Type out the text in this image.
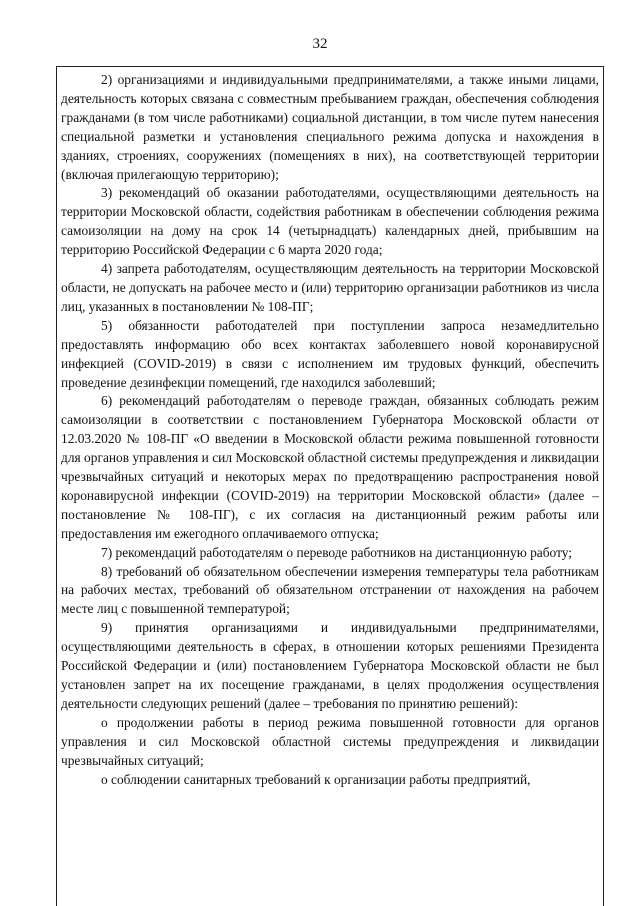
32

2) организациями и индивидуальными предпринимателями, а также иными лицами, деятельность которых связана с совместным пребыванием граждан, обеспечения соблюдения гражданами (в том числе работниками) социальной дистанции, в том числе путем нанесения специальной разметки и установления специального режима допуска и нахождения в зданиях, строениях, сооружениях (помещениях в них), на соответствующей территории (включая прилегающую территорию);

3) рекомендаций об оказании работодателями, осуществляющими деятельность на территории Московской области, содействия работникам в обеспечении соблюдения режима самоизоляции на дому на срок 14 (четырнадцать) календарных дней, прибывшим на территорию Российской Федерации с 6 марта 2020 года;

4) запрета работодателям, осуществляющим деятельность на территории Московской области, не допускать на рабочее место и (или) территорию организации работников из числа лиц, указанных в постановлении № 108-ПГ;

5) обязанности работодателей при поступлении запроса незамедлительно предоставлять информацию обо всех контактах заболевшего новой коронавирусной инфекцией (COVID-2019) в связи с исполнением им трудовых функций, обеспечить проведение дезинфекции помещений, где находился заболевший;

6) рекомендаций работодателям о переводе граждан, обязанных соблюдать режим самоизоляции в соответствии с постановлением Губернатора Московской области от 12.03.2020 № 108-ПГ «О введении в Московской области режима повышенной готовности для органов управления и сил Московской областной системы предупреждения и ликвидации чрезвычайных ситуаций и некоторых мерах по предотвращению распространения новой коронавирусной инфекции (COVID-2019) на территории Московской области» (далее – постановление № 108-ПГ), с их согласия на дистанционный режим работы или предоставления им ежегодного оплачиваемого отпуска;

7) рекомендаций работодателям о переводе работников на дистанционную работу;

8) требований об обязательном обеспечении измерения температуры тела работникам на рабочих местах, требований об обязательном отстранении от нахождения на рабочем месте лиц с повышенной температурой;

9) принятия организациями и индивидуальными предпринимателями, осуществляющими деятельность в сферах, в отношении которых решениями Президента Российской Федерации и (или) постановлением Губернатора Московской области не был установлен запрет на их посещение гражданами, в целях продолжения осуществления деятельности следующих решений (далее – требования по принятию решений):

о продолжении работы в период режима повышенной готовности для органов управления и сил Московской областной системы предупреждения и ликвидации чрезвычайных ситуаций;

о соблюдении санитарных требований к организации работы предприятий,
